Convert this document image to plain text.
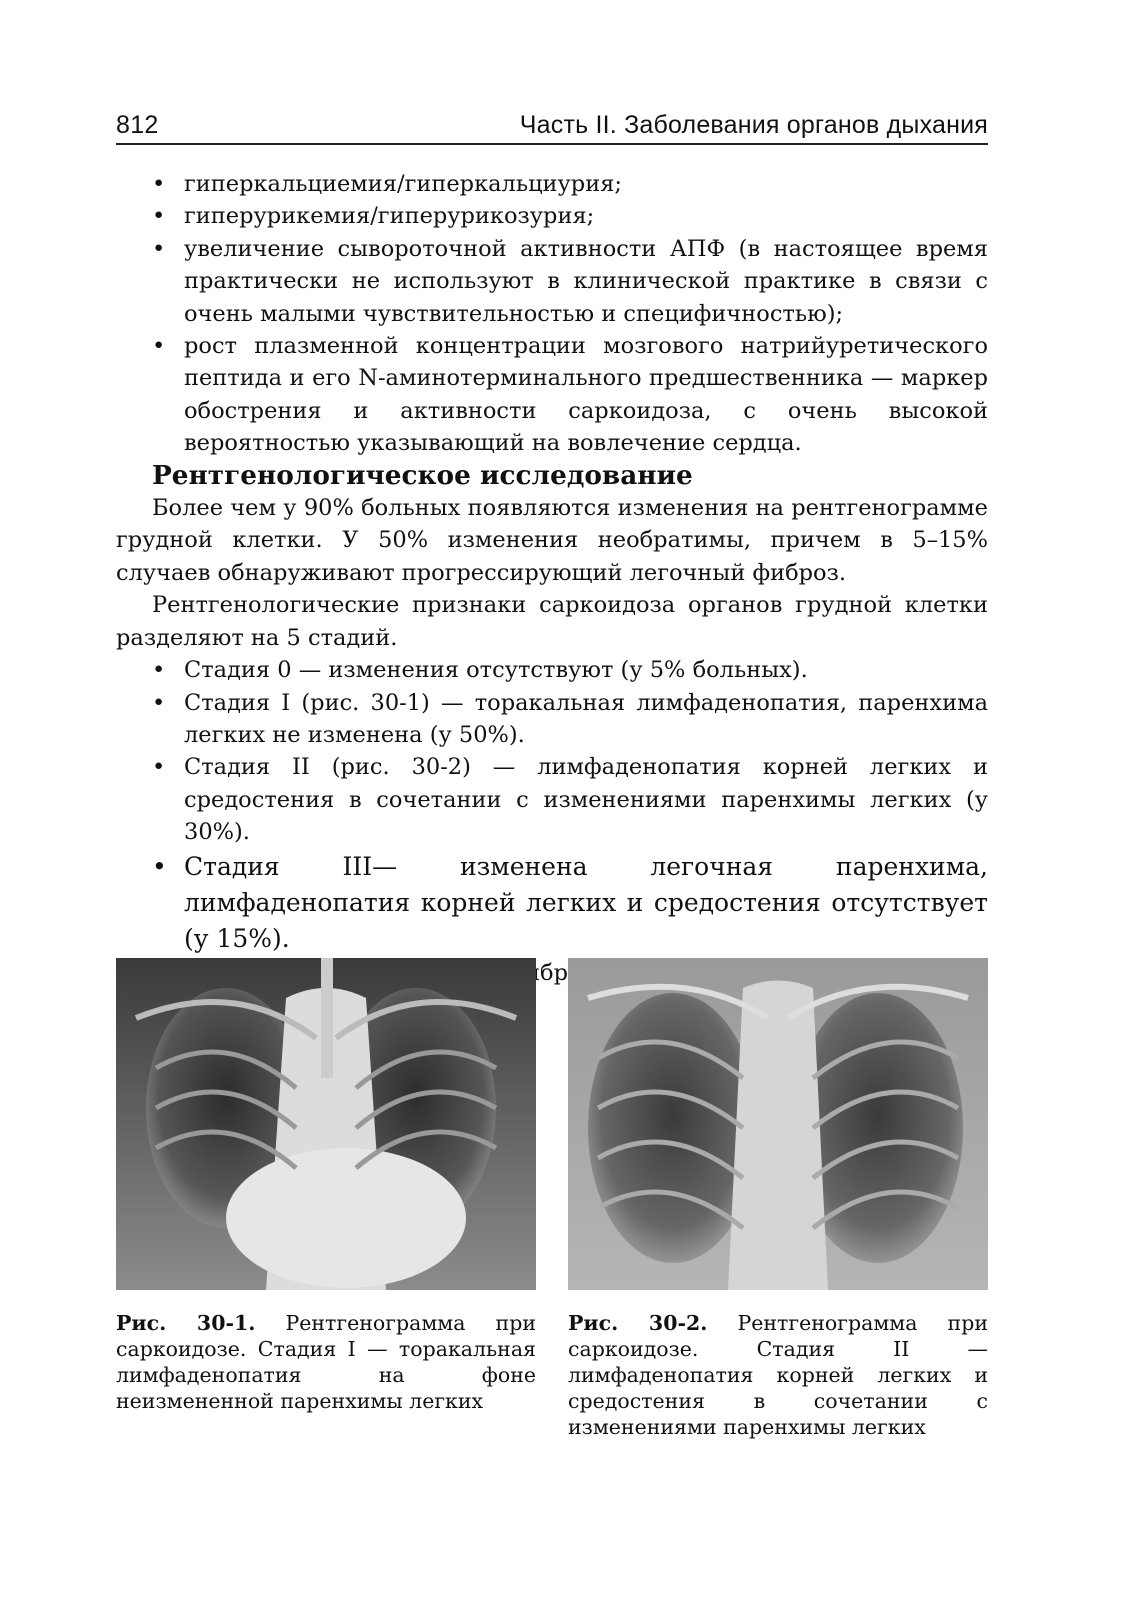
812	Часть II. Заболевания органов дыхания
• гиперкальциемия/гиперкальциурия;
• гиперурикемия/гиперурикозурия;
• увеличение сывороточной активности АПФ (в настоящее время практически не используют в клинической практике в связи с очень малыми чувствительностью и специфичностью);
• рост плазменной концентрации мозгового натрийуретического пептида и его N-аминотерминального предшественника — маркер обострения и активности саркоидоза, с очень высокой вероятностью указывающий на вовлечение сердца.
Рентгенологическое исследование

Более чем у 90% больных появляются изменения на рентгенограмме грудной клетки. У 50% изменения необратимы, причем в 5–15% случаев обнаруживают прогрессирующий легочный фиброз.

Рентгенологические признаки саркоидоза органов грудной клетки разделяют на 5 стадий.

• Стадия 0 — изменения отсутствуют (у 5% больных).
• Стадия I (рис. 30-1) — торакальная лимфаденопатия, паренхима легких не изменена (у 50%).
• Стадия II (рис. 30-2) — лимфаденопатия корней легких и средостения в сочетании с изменениями паренхимы легких (у 30%).
• Стадия III— изменена легочная паренхима, лимфаденопатия корней легких и средостения отсутствует (у 15%).
фиброз
Рис. 30-1. Рентгенограмма при саркоидозе. Стадия I — торакальная лимфаденопатия на фоне неизмененной паренхимы легких
Рис. 30-2. Рентгенограмма при саркоидозе. Стадия II —лимфаденопатия корней легких и средостения в сочетании с изменениями паренхимы легких
